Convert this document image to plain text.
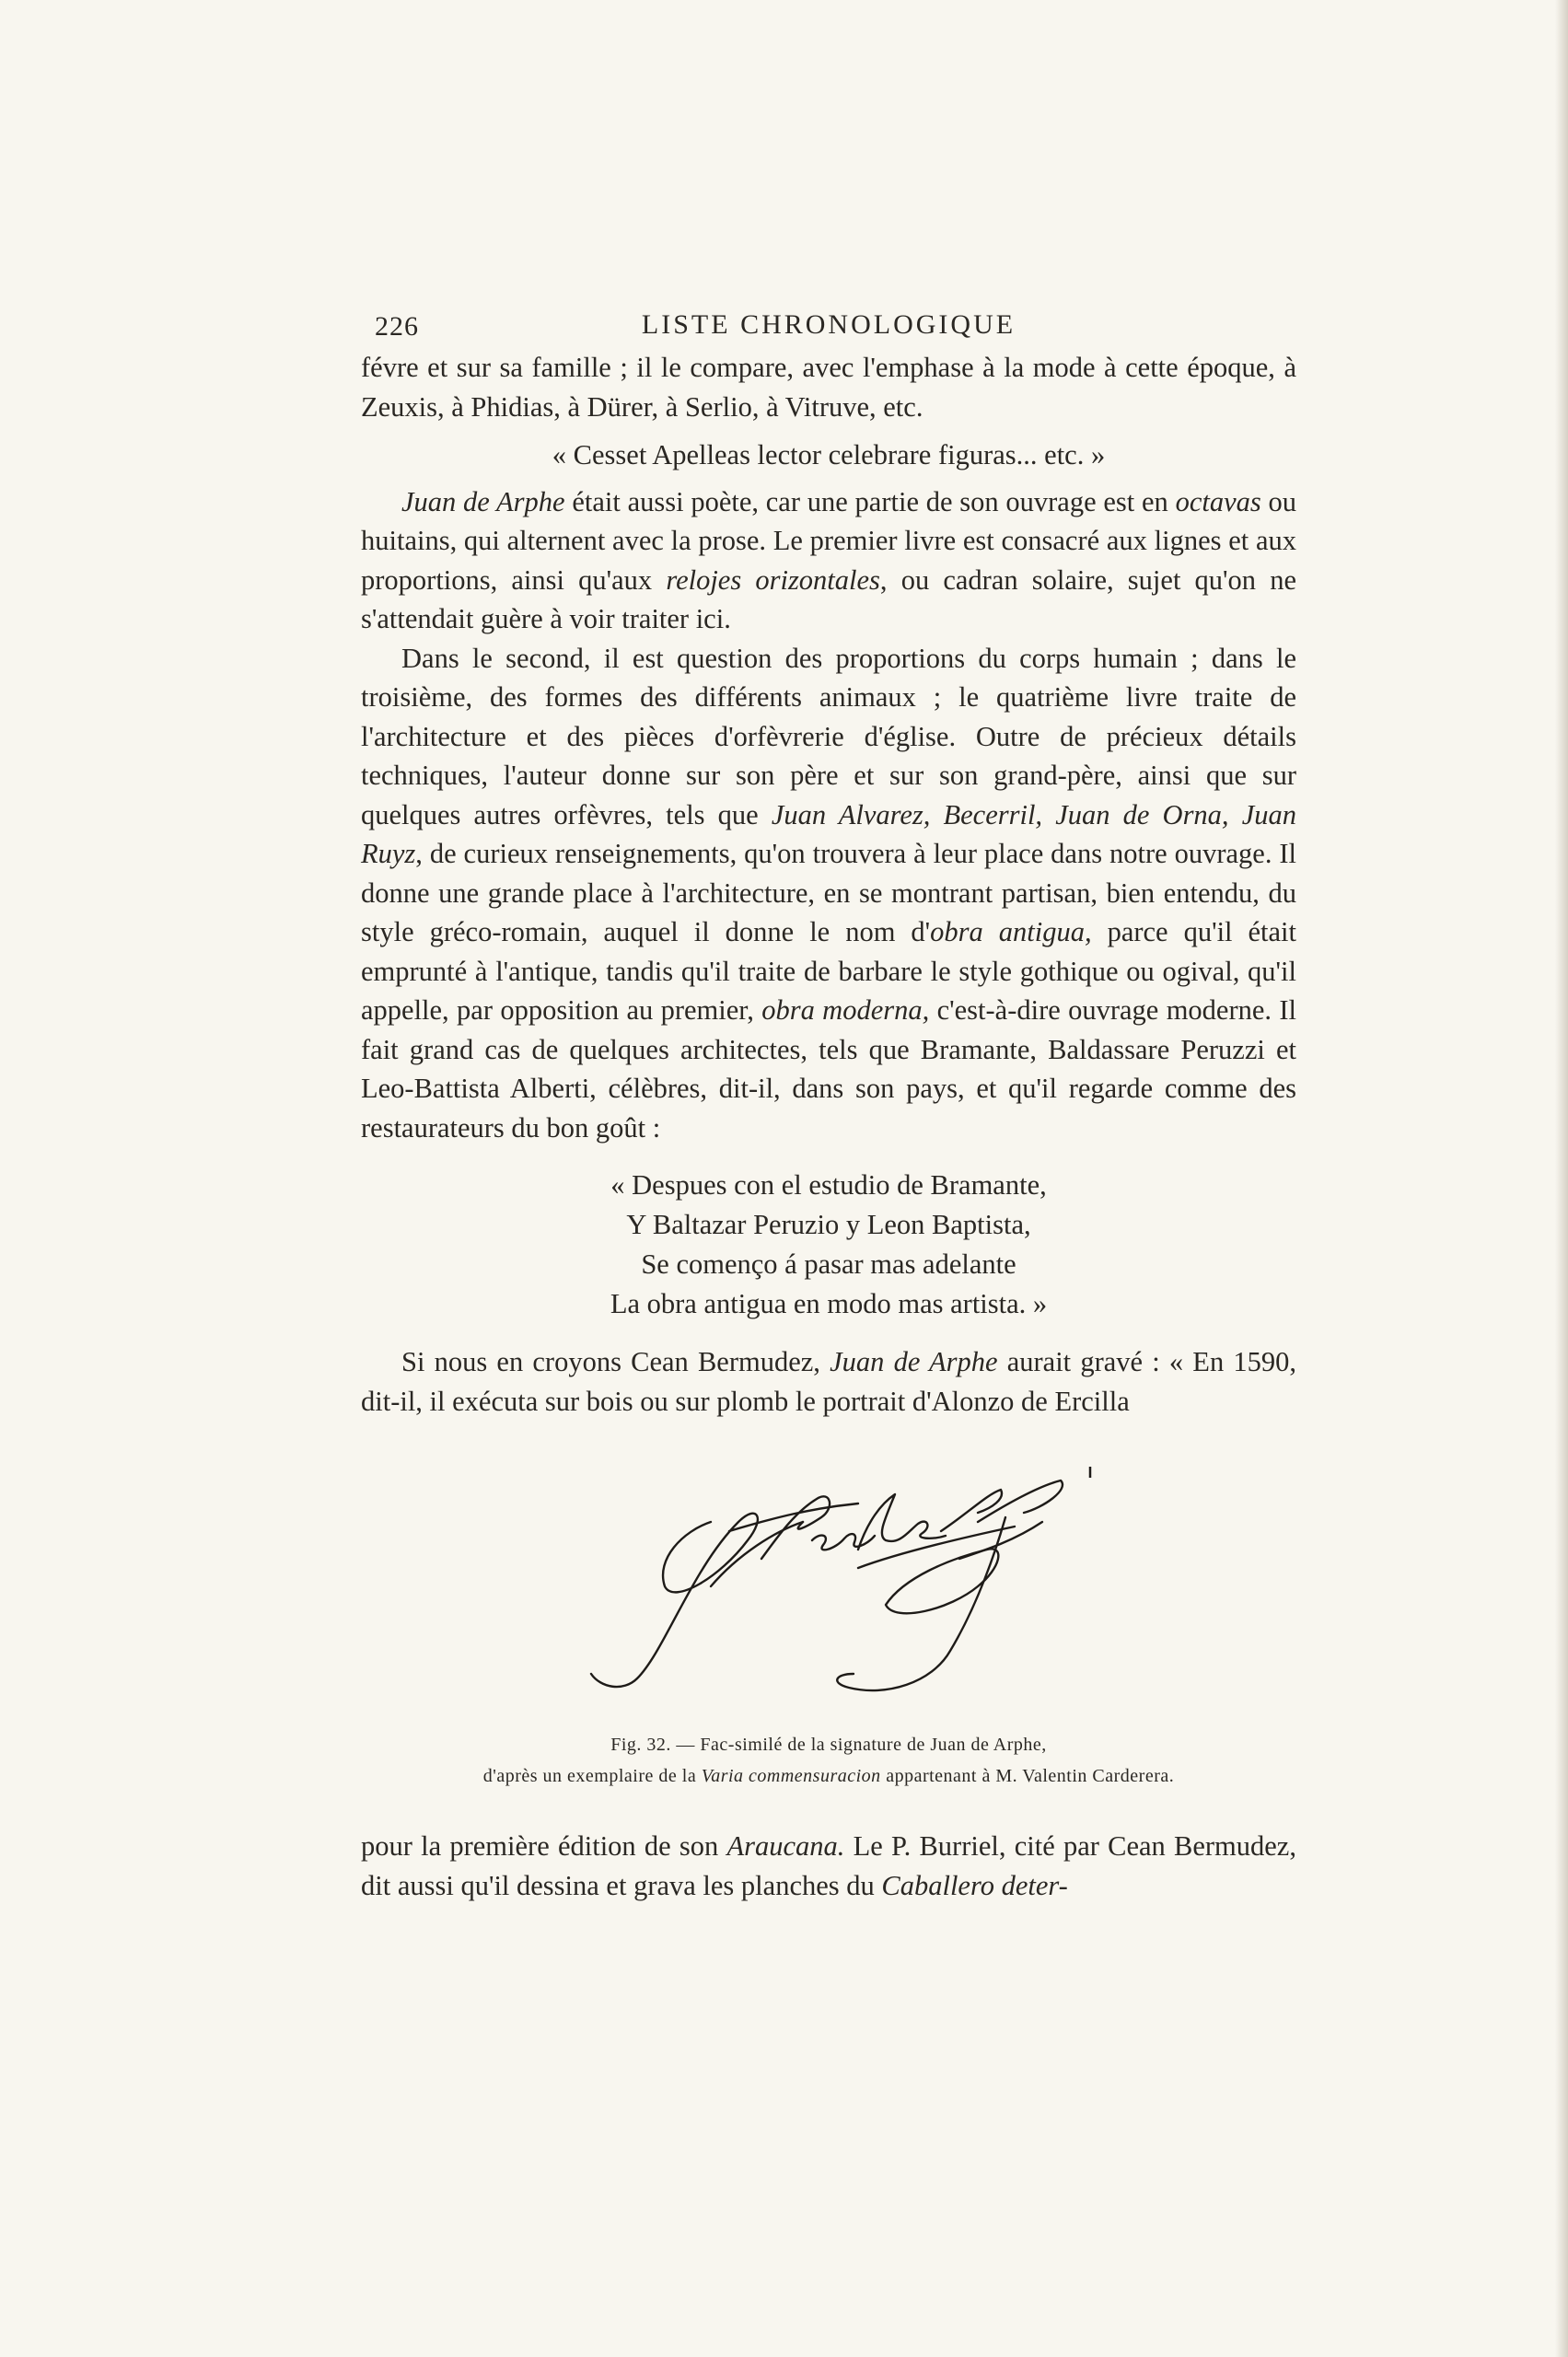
226	LISTE CHRONOLOGIQUE

févre et sur sa famille ; il le compare, avec l'emphase à la mode à cette époque, à Zeuxis, à Phidias, à Dürer, à Serlio, à Vitruve, etc.

« Cesset Apelleas lector celebrare figuras... etc. »

Juan de Arphe était aussi poète, car une partie de son ouvrage est en octavas ou huitains, qui alternent avec la prose. Le premier livre est consacré aux lignes et aux proportions, ainsi qu'aux relojes orizontales, ou cadran solaire, sujet qu'on ne s'attendait guère à voir traiter ici.

Dans le second, il est question des proportions du corps humain ; dans le troisième, des formes des différents animaux ; le quatrième livre traite de l'architecture et des pièces d'orfèvrerie d'église. Outre de précieux détails techniques, l'auteur donne sur son père et sur son grand-père, ainsi que sur quelques autres orfèvres, tels que Juan Alvarez, Becerril, Juan de Orna, Juan Ruyz, de curieux renseignements, qu'on trouvera à leur place dans notre ouvrage. Il donne une grande place à l'architecture, en se montrant partisan, bien entendu, du style gréco-romain, auquel il donne le nom d'obra antigua, parce qu'il était emprunté à l'antique, tandis qu'il traite de barbare le style gothique ou ogival, qu'il appelle, par opposition au premier, obra moderna, c'est-à-dire ouvrage moderne. Il fait grand cas de quelques architectes, tels que Bramante, Baldassare Peruzzi et Leo-Battista Alberti, célèbres, dit-il, dans son pays, et qu'il regarde comme des restaurateurs du bon goût :

« Despues con el estudio de Bramante,
Y Baltazar Peruzio y Leon Baptista,
Se començo á pasar mas adelante
La obra antigua en modo mas artista. »

Si nous en croyons Cean Bermudez, Juan de Arphe aurait gravé : « En 1590, dit-il, il exécuta sur bois ou sur plomb le portrait d'Alonzo de Ercilla

Fig. 32. — Fac-similé de la signature de Juan de Arphe,
d'après un exemplaire de la Varia commensuracion appartenant à M. Valentin Carderera.

pour la première édition de son Araucana. Le P. Burriel, cité par Cean Bermudez, dit aussi qu'il dessina et grava les planches du Caballero deter-
